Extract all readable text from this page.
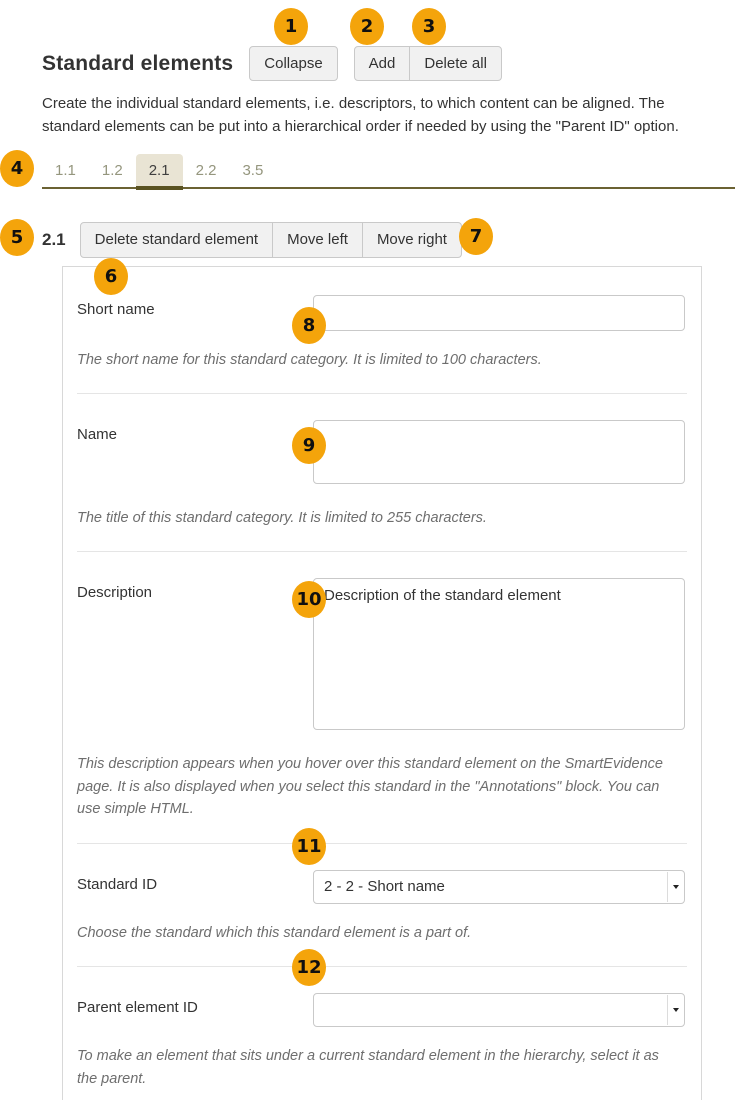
1	2	3
4
5
6
7
8
9
10
11
12
Standard elements	Collapse	Add	Delete all

Create the individual standard elements, i.e. descriptors, to which content can be aligned. The standard elements can be put into a hierarchical order if needed by using the "Parent ID" option.

1.1	1.2	2.1	2.2	3.5
2.1	Delete standard element	Move left	Move right
Short name
The short name for this standard category. It is limited to 100 characters.
Name
The title of this standard category. It is limited to 255 characters.
Description
Description of the standard element
This description appears when you hover over this standard element on the SmartEvidence page. It is also displayed when you select this standard in the "Annotations" block. You can use simple HTML.
Standard ID	2 - 2 - Short name
Choose the standard which this standard element is a part of.
Parent element ID
To make an element that sits under a current standard element in the hierarchy, select it as the parent.
